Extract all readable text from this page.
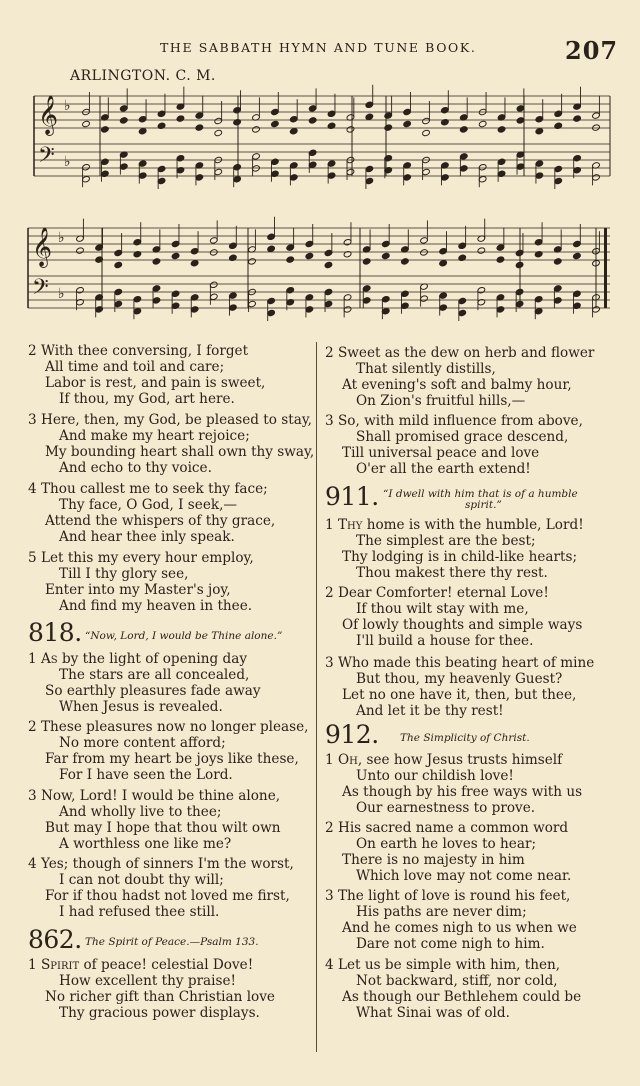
THE SABBATH HYMN AND TUNE BOOK.	207
ARLINGTON. C. M.
𝄞 ♭
𝄢 ♭
𝄞 ♭
𝄢 ♭
2 With thee conversing, I forget
All time and toil and care;
Labor is rest, and pain is sweet,
If thou, my God, art here.
3 Here, then, my God, be pleased to stay,
And make my heart rejoice;
My bounding heart shall own thy sway,
And echo to thy voice.
4 Thou callest me to seek thy face;
Thy face, O God, I seek,—
Attend the whispers of thy grace,
And hear thee inly speak.
5 Let this my every hour employ,
Till I thy glory see,
Enter into my Master's joy,
And find my heaven in thee.
818. “Now, Lord, I would be Thine alone.”
1 As by the light of opening day
The stars are all concealed,
So earthly pleasures fade away
When Jesus is revealed.
2 These pleasures now no longer please,
No more content afford;
Far from my heart be joys like these,
For I have seen the Lord.
3 Now, Lord! I would be thine alone,
And wholly live to thee;
But may I hope that thou wilt own
A worthless one like me?
4 Yes; though of sinners I'm the worst,
I can not doubt thy will;
For if thou hadst not loved me first,
I had refused thee still.
862. The Spirit of Peace.—Psalm 133.
1 Spirit of peace! celestial Dove!
How excellent thy praise!
No richer gift than Christian love
Thy gracious power displays.
2 Sweet as the dew on herb and flower
That silently distills,
At evening's soft and balmy hour,
On Zion's fruitful hills,—
3 So, with mild influence from above,
Shall promised grace descend,
Till universal peace and love
O'er all the earth extend!
911. “I dwell with him that is of a humble
spirit.”
1 Thy home is with the humble, Lord!
The simplest are the best;
Thy lodging is in child-like hearts;
Thou makest there thy rest.
2 Dear Comforter! eternal Love!
If thou wilt stay with me,
Of lowly thoughts and simple ways
I'll build a house for thee.
3 Who made this beating heart of mine
But thou, my heavenly Guest?
Let no one have it, then, but thee,
And let it be thy rest!
912. The Simplicity of Christ.
1 Oh, see how Jesus trusts himself
Unto our childish love!
As though by his free ways with us
Our earnestness to prove.
2 His sacred name a common word
On earth he loves to hear;
There is no majesty in him
Which love may not come near.
3 The light of love is round his feet,
His paths are never dim;
And he comes nigh to us when we
Dare not come nigh to him.
4 Let us be simple with him, then,
Not backward, stiff, nor cold,
As though our Bethlehem could be
What Sinai was of old.
